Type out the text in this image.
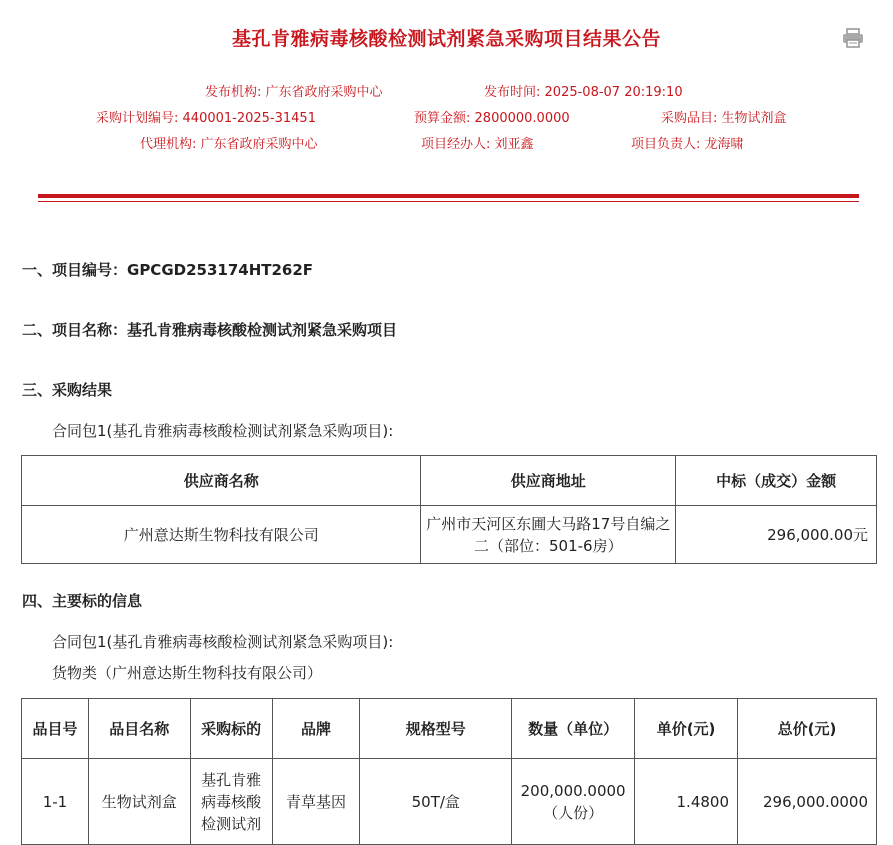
基孔肯雅病毒核酸检测试剂紧急采购项目结果公告
发布机构: 广东省政府采购中心	发布时间: 2025-08-07 20:19:10
采购计划编号: 440001-2025-31451	预算金额: 2800000.0000	采购品目: 生物试剂盒
代理机构: 广东省政府采购中心	项目经办人: 刘亚鑫	项目负责人: 龙海啸
一、项目编号：GPCGD253174HT262F
二、项目名称：基孔肯雅病毒核酸检测试剂紧急采购项目
三、采购结果
合同包1(基孔肯雅病毒核酸检测试剂紧急采购项目):
供应商名称	供应商地址	中标（成交）金额
广州意达斯生物科技有限公司	广州市天河区东圃大马路17号自编之二（部位：501-6房）	296,000.00元
四、主要标的信息
合同包1(基孔肯雅病毒核酸检测试剂紧急采购项目):
货物类（广州意达斯生物科技有限公司）
品目号	品目名称	采购标的	品牌	规格型号	数量（单位）	单价(元)	总价(元)
1-1	生物试剂盒	基孔肯雅病毒核酸检测试剂	青草基因	50T/盒	200,000.0000（人份）	1.4800	296,000.0000
